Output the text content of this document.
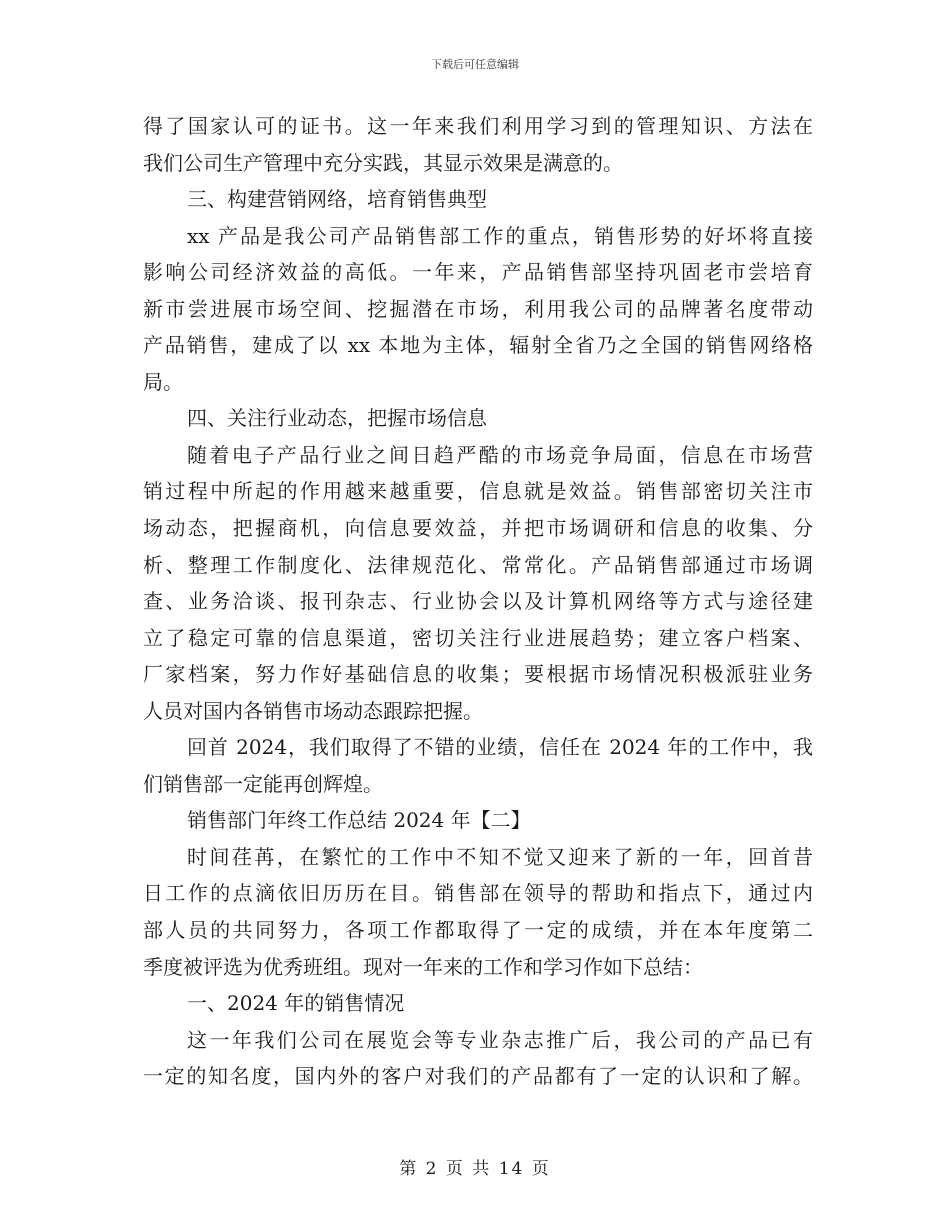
下载后可任意编辑
得了国家认可的证书。这一年来我们利用学习到的管理知识、方法在
我们公司生产管理中充分实践，其显示效果是满意的。
三、构建营销网络，培育销售典型
xx 产品是我公司产品销售部工作的重点，销售形势的好坏将直接
影响公司经济效益的高低。一年来，产品销售部坚持巩固老市尝培育
新市尝进展市场空间、挖掘潜在市场，利用我公司的品牌著名度带动
产品销售，建成了以 xx 本地为主体，辐射全省乃之全国的销售网络格
局。
四、关注行业动态，把握市场信息
随着电子产品行业之间日趋严酷的市场竞争局面，信息在市场营
销过程中所起的作用越来越重要，信息就是效益。销售部密切关注市
场动态，把握商机，向信息要效益，并把市场调研和信息的收集、分
析、整理工作制度化、法律规范化、常常化。产品销售部通过市场调
查、业务洽谈、报刊杂志、行业协会以及计算机网络等方式与途径建
立了稳定可靠的信息渠道，密切关注行业进展趋势；建立客户档案、
厂家档案，努力作好基础信息的收集；要根据市场情况积极派驻业务
人员对国内各销售市场动态跟踪把握。
回首 2024，我们取得了不错的业绩，信任在 2024 年的工作中，我
们销售部一定能再创辉煌。
销售部门年终工作总结 2024 年【二】
时间荏苒，在繁忙的工作中不知不觉又迎来了新的一年，回首昔
日工作的点滴依旧历历在目。销售部在领导的帮助和指点下，通过内
部人员的共同努力，各项工作都取得了一定的成绩，并在本年度第二
季度被评选为优秀班组。现对一年来的工作和学习作如下总结：
一、2024 年的销售情况
这一年我们公司在展览会等专业杂志推广后，我公司的产品已有
一定的知名度，国内外的客户对我们的产品都有了一定的认识和了解。
第 2 页 共 14 页
